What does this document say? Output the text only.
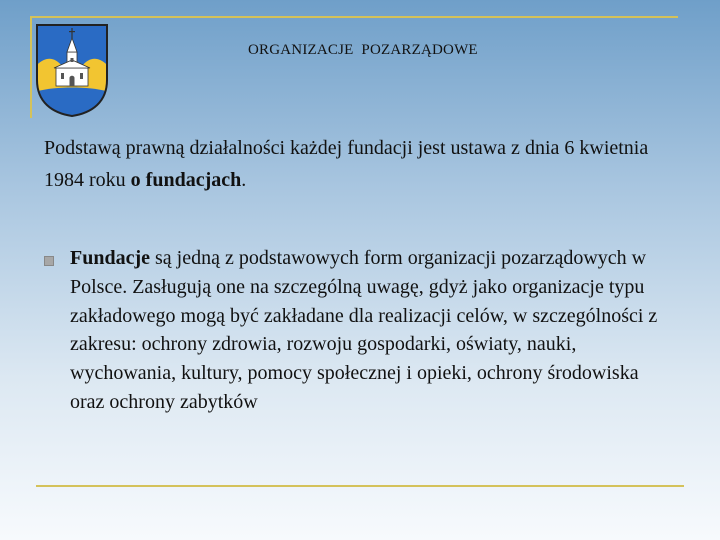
ORGANIZACJE  POZARZĄDOWE
Podstawą prawną działalności każdej fundacji jest ustawa z dnia 6 kwietnia 1984 roku o fundacjach.
Fundacje są jedną z podstawowych form organizacji pozarządowych w Polsce. Zasługują one na szczególną uwagę, gdyż jako organizacje typu zakładowego mogą być zakładane dla realizacji celów, w szczególności z zakresu: ochrony zdrowia, rozwoju gospodarki, oświaty, nauki, wychowania, kultury, pomocy społecznej i opieki, ochrony środowiska oraz ochrony zabytków
